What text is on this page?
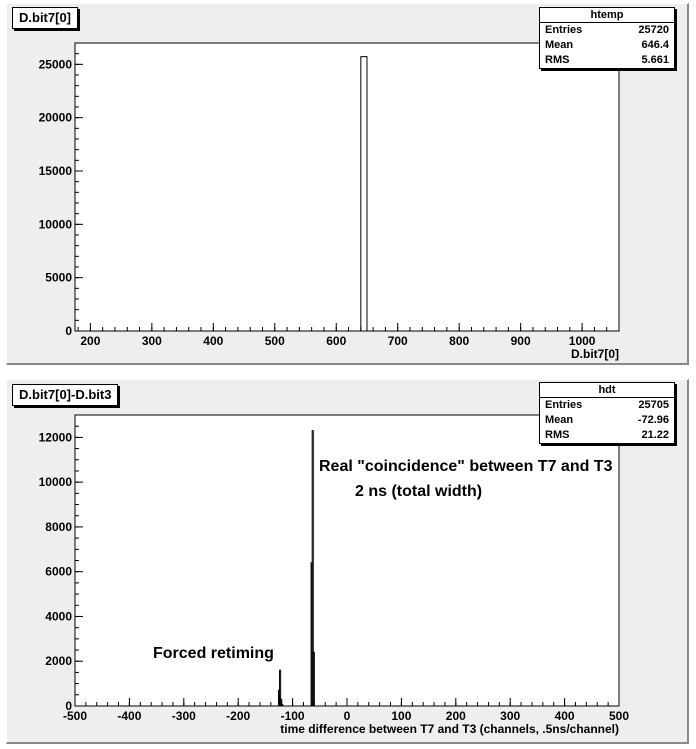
0
5000
10000
15000
20000
25000
200	300	400	500	600	700	800	900	1000
D.bit7[0]
0
2000
4000
6000
8000
10000
12000
-500	-400	-300	-200	-100	0	100	200	300	400	500
time difference between T7 and T3 (channels, .5ns/channel)
Real "coincidence" between T7 and T3
2 ns (total width)
Forced retiming
D.bit7[0]	htemp
Entries	25720
Mean	646.4
RMS	5.661
D.bit7[0]-D.bit3	hdt
Entries	25705
Mean	-72.96
RMS	21.22
